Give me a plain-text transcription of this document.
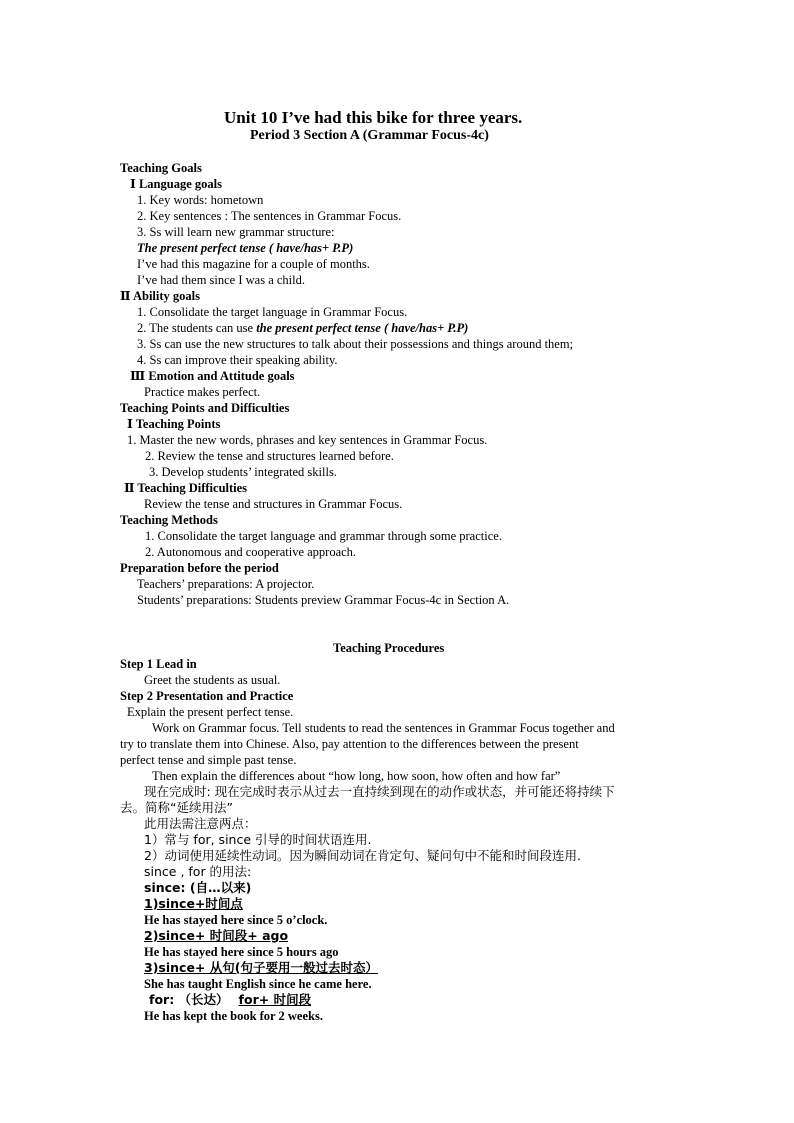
Unit 10 I’ve had this bike for three years.
Period 3 Section A (Grammar Focus-4c)
Teaching Goals
Ⅰ Language goals
1. Key words: hometown
2. Key sentences : The sentences in Grammar Focus.
3. Ss will learn new grammar structure:
The present perfect tense ( have/has+ P.P)
I’ve had this magazine for a couple of months.
I’ve had them since I was a child.
Ⅱ Ability goals
1. Consolidate the target language in Grammar Focus.
2. The students can use the present perfect tense ( have/has+ P.P)
3. Ss can use the new structures to talk about their possessions and things around them;
4. Ss can improve their speaking ability.
Ⅲ Emotion and Attitude goals
Practice makes perfect.
Teaching Points and Difficulties
Ⅰ Teaching Points
1. Master the new words, phrases and key sentences in Grammar Focus.
2. Review the tense and structures learned before.
3. Develop students’ integrated skills.
Ⅱ Teaching Difficulties
Review the tense and structures in Grammar Focus.
Teaching Methods
1. Consolidate the target language and grammar through some practice.
2. Autonomous and cooperative approach.
Preparation before the period
Teachers’ preparations: A projector.
Students’ preparations: Students preview Grammar Focus-4c in Section A.
Teaching Procedures
Step 1 Lead in
Greet the students as usual.
Step 2 Presentation and Practice
Explain the present perfect tense.
Work on Grammar focus. Tell students to read the sentences in Grammar Focus together and
try to translate them into Chinese. Also, pay attention to the differences between the present
perfect tense and simple past tense.
Then explain the differences about “how long, how soon, how often and how far”
现在完成时: 现在完成时表示从过去一直持续到现在的动作或状态，并可能还将持续下
去。简称“延续用法”
此用法需注意两点：
1）常与 for, since 引导的时间状语连用.
2）动词使用延续性动词。因为瞬间动词在肯定句、疑问句中不能和时间段连用.
since , for 的用法:
since: (自…以来)
1)since+时间点
He has stayed here since 5 o’clock.
2)since+ 时间段+ ago
He has stayed here since 5 hours ago
3)since+ 从句(句子要用一般过去时态）
She has taught English since he came here.
for: （长达） for+ 时间段
He has kept the book for 2 weeks.
